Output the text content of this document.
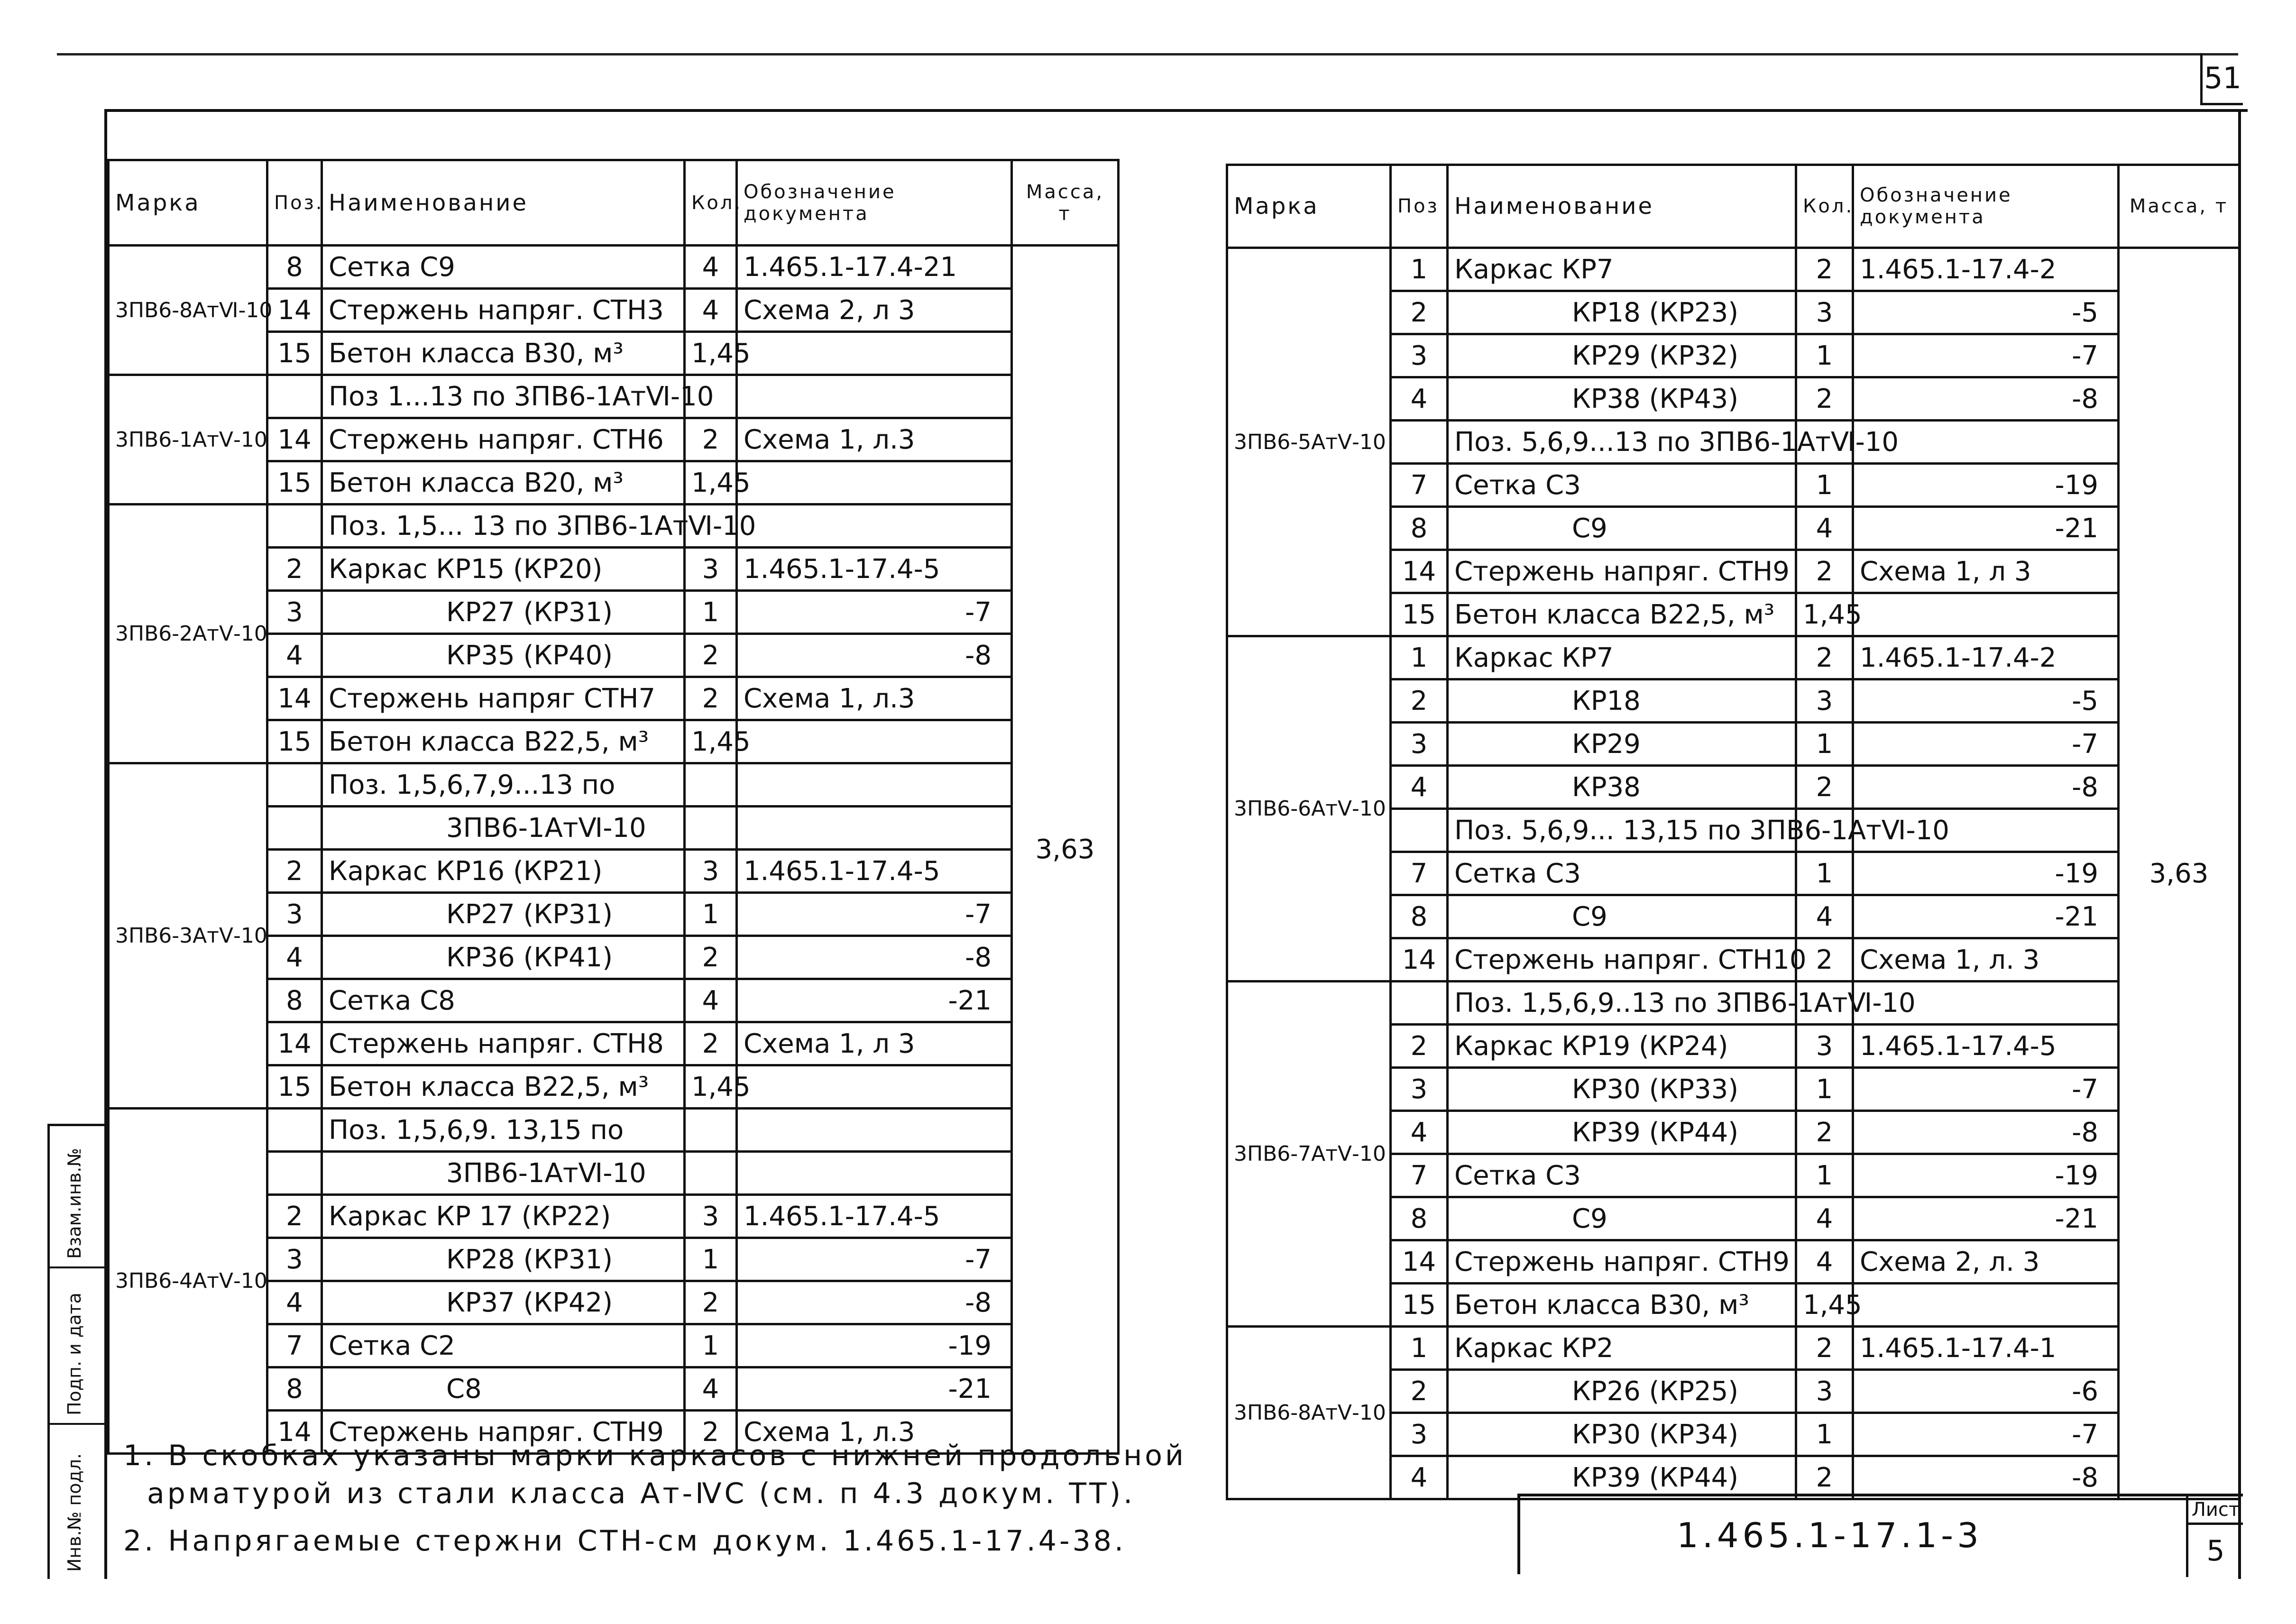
51
Марка	Поз.	Наименование	Кол.	Обозначение документа	Масса, т
3ПВ6-8АтⅥ-10	8	Сетка С9	4	1.465.1-17.4-21	3,63
	14	Стержень напряг. СТН3	4	Схема 2, л 3	
	15	Бетон класса В30, м³	1,45		
3ПВ6-1АтⅤ-10		Поз 1...13 по 3ПВ6-1АтⅥ-10			
	14	Стержень напряг. СТН6	2	Схема 1, л.3	
	15	Бетон класса В20, м³	1,45		
3ПВ6-2АтⅤ-10		Поз. 1,5... 13 по 3ПВ6-1АтⅥ-10			
	2	Каркас КР15 (КР20)	3	1.465.1-17.4-5	
	3	КР27 (КР31)	1	-7	
	4	КР35 (КР40)	2	-8	
	14	Стержень напряг СТН7	2	Схема 1, л.3	
	15	Бетон класса В22,5, м³	1,45		
3ПВ6-3АтⅤ-10		Поз. 1,5,6,7,9...13 по			
		3ПВ6-1АтⅥ-10			
	2	Каркас КР16 (КР21)	3	1.465.1-17.4-5	
	3	КР27 (КР31)	1	-7	
	4	КР36 (КР41)	2	-8	
	8	Сетка С8	4	-21	
	14	Стержень напряг. СТН8	2	Схема 1, л 3	
	15	Бетон класса В22,5, м³	1,45		
3ПВ6-4АтⅤ-10		Поз. 1,5,6,9. 13,15 по			
		3ПВ6-1АтⅥ-10			
	2	Каркас КР 17 (КР22)	3	1.465.1-17.4-5	
	3	КР28 (КР31)	1	-7	
	4	КР37 (КР42)	2	-8	
	7	Сетка С2	1	-19	
	8	С8	4	-21	
	14	Стержень напряг. СТН9	2	Схема 1, л.3	
Марка	Поз	Наименование	Кол.	Обозначение документа	Масса, т
3ПВ6-5АтⅤ-10	1	Каркас КР7	2	1.465.1-17.4-2	3,63
	2	КР18 (КР23)	3	-5	
	3	КР29 (КР32)	1	-7	
	4	КР38 (КР43)	2	-8	
		Поз. 5,6,9...13 по 3ПВ6-1АтⅥ-10			
	7	Сетка С3	1	-19	
	8	С9	4	-21	
	14	Стержень напряг. СТН9	2	Схема 1, л 3	
	15	Бетон класса В22,5, м³	1,45		
3ПВ6-6АтⅤ-10	1	Каркас КР7	2	1.465.1-17.4-2	
	2	КР18	3	-5	
	3	КР29	1	-7	
	4	КР38	2	-8	
		Поз. 5,6,9... 13,15 по 3ПВ6-1АтⅥ-10			
	7	Сетка С3	1	-19	
	8	С9	4	-21	
	14	Стержень напряг. СТН10	2	Схема 1, л. 3	
3ПВ6-7АтⅤ-10		Поз. 1,5,6,9..13 по 3ПВ6-1АтⅥ-10			
	2	Каркас КР19 (КР24)	3	1.465.1-17.4-5	
	3	КР30 (КР33)	1	-7	
	4	КР39 (КР44)	2	-8	
	7	Сетка С3	1	-19	
	8	С9	4	-21	
	14	Стержень напряг. СТН9	4	Схема 2, л. 3	
	15	Бетон класса В30, м³	1,45		
3ПВ6-8АтⅤ-10	1	Каркас КР2	2	1.465.1-17.4-1	
	2	КР26 (КР25)	3	-6	
	3	КР30 (КР34)	1	-7	
	4	КР39 (КР44)	2	-8	
1. В скобках указаны марки каркасов с нижней продольной
арматурой из стали класса Ат-ⅣС (см. п 4.3 докум. ТТ).
2. Напрягаемые стержни СТН-см докум. 1.465.1-17.4-38.	1.465.1-17.1-3
Лист
5
Взам.инв.№
Подп. и дата
Инв.№ подл.
